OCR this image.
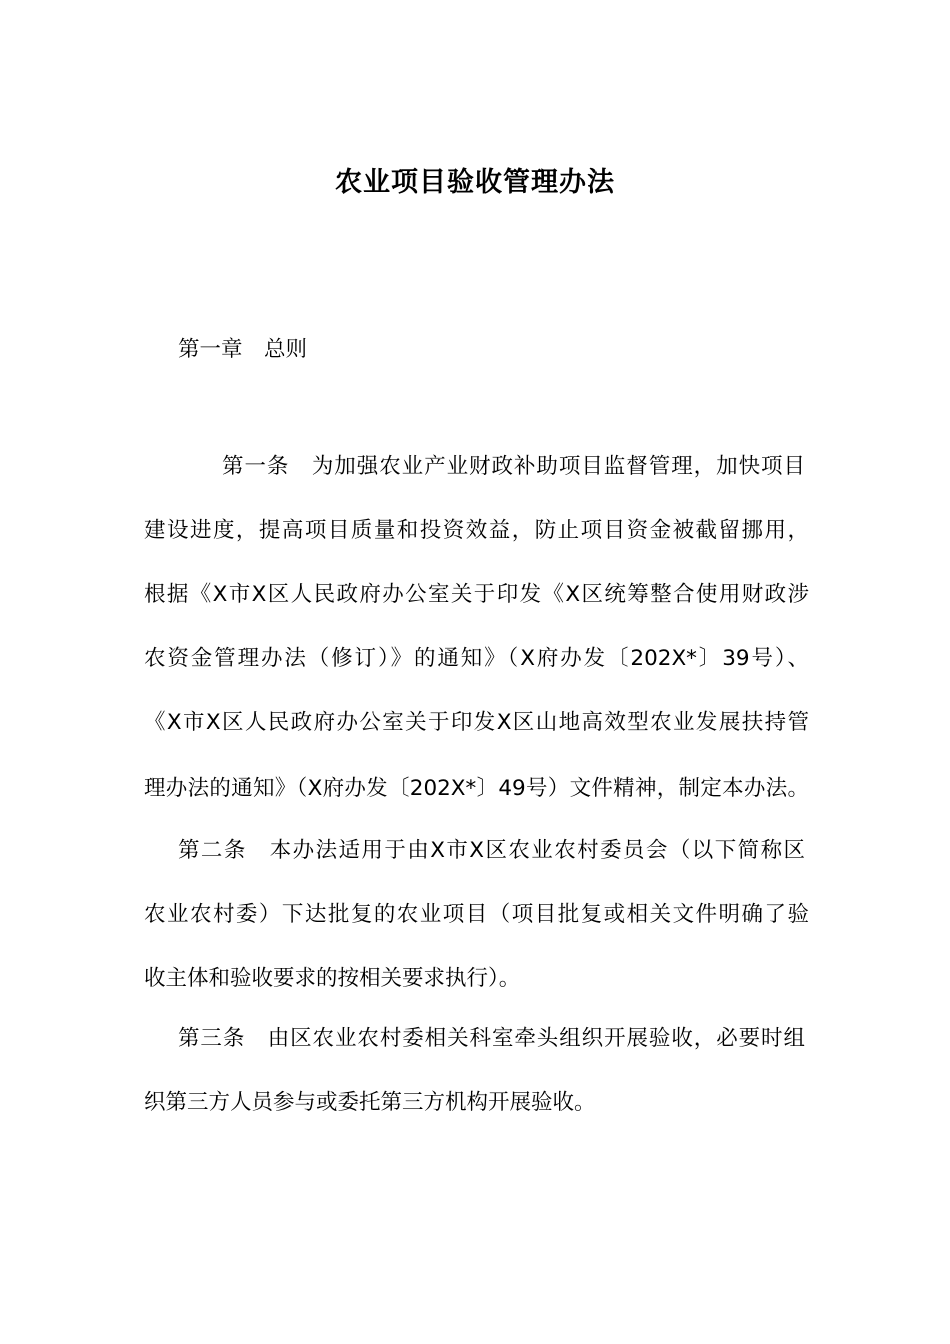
农业项目验收管理办法
第一章　总则
第一条　为加强农业产业财政补助项目监督管理，加快项目
建设进度，提高项目质量和投资效益，防止项目资金被截留挪用，
根据《X市X区人民政府办公室关于印发《X区统筹整合使用财政涉
农资金管理办法（修订）》的通知》（X府办发〔202X*〕39号）、
《X市X区人民政府办公室关于印发X区山地高效型农业发展扶持管
理办法的通知》（X府办发〔202X*〕49号）文件精神，制定本办法。
第二条　本办法适用于由X市X区农业农村委员会（以下简称区
农业农村委）下达批复的农业项目（项目批复或相关文件明确了验
收主体和验收要求的按相关要求执行）。
第三条　由区农业农村委相关科室牵头组织开展验收，必要时组
织第三方人员参与或委托第三方机构开展验收。
